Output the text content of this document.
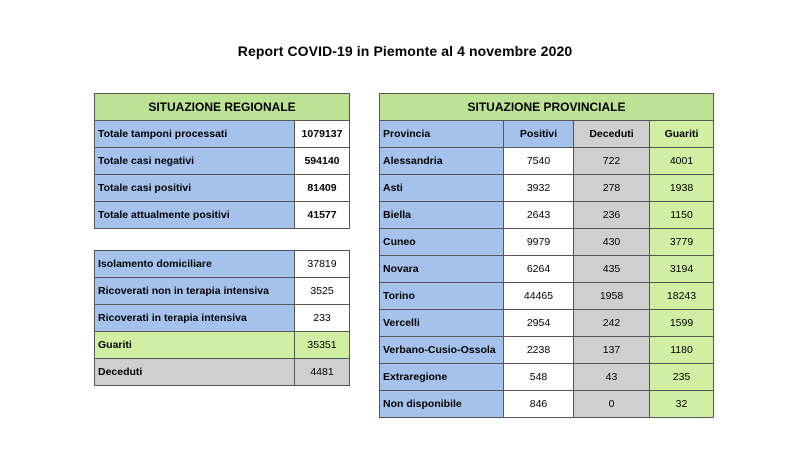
Report COVID-19 in Piemonte al 4 novembre 2020
SITUAZIONE REGIONALE	
Totale tamponi processati	1079137
Totale casi negativi	594140
Totale casi positivi	81409
Totale attualmente positivi	41577
Isolamento domiciliare	37819
Ricoverati non in terapia intensiva	3525
Ricoverati in terapia intensiva	233
Guariti	35351
Deceduti	4481
SITUAZIONE PROVINCIALE			
Provincia	Positivi	Deceduti	Guariti
Alessandria	7540	722	4001
Asti	3932	278	1938
Biella	2643	236	1150
Cuneo	9979	430	3779
Novara	6264	435	3194
Torino	44465	1958	18243
Vercelli	2954	242	1599
Verbano-Cusio-Ossola	2238	137	1180
Extraregione	548	43	235
Non disponibile	846	0	32
